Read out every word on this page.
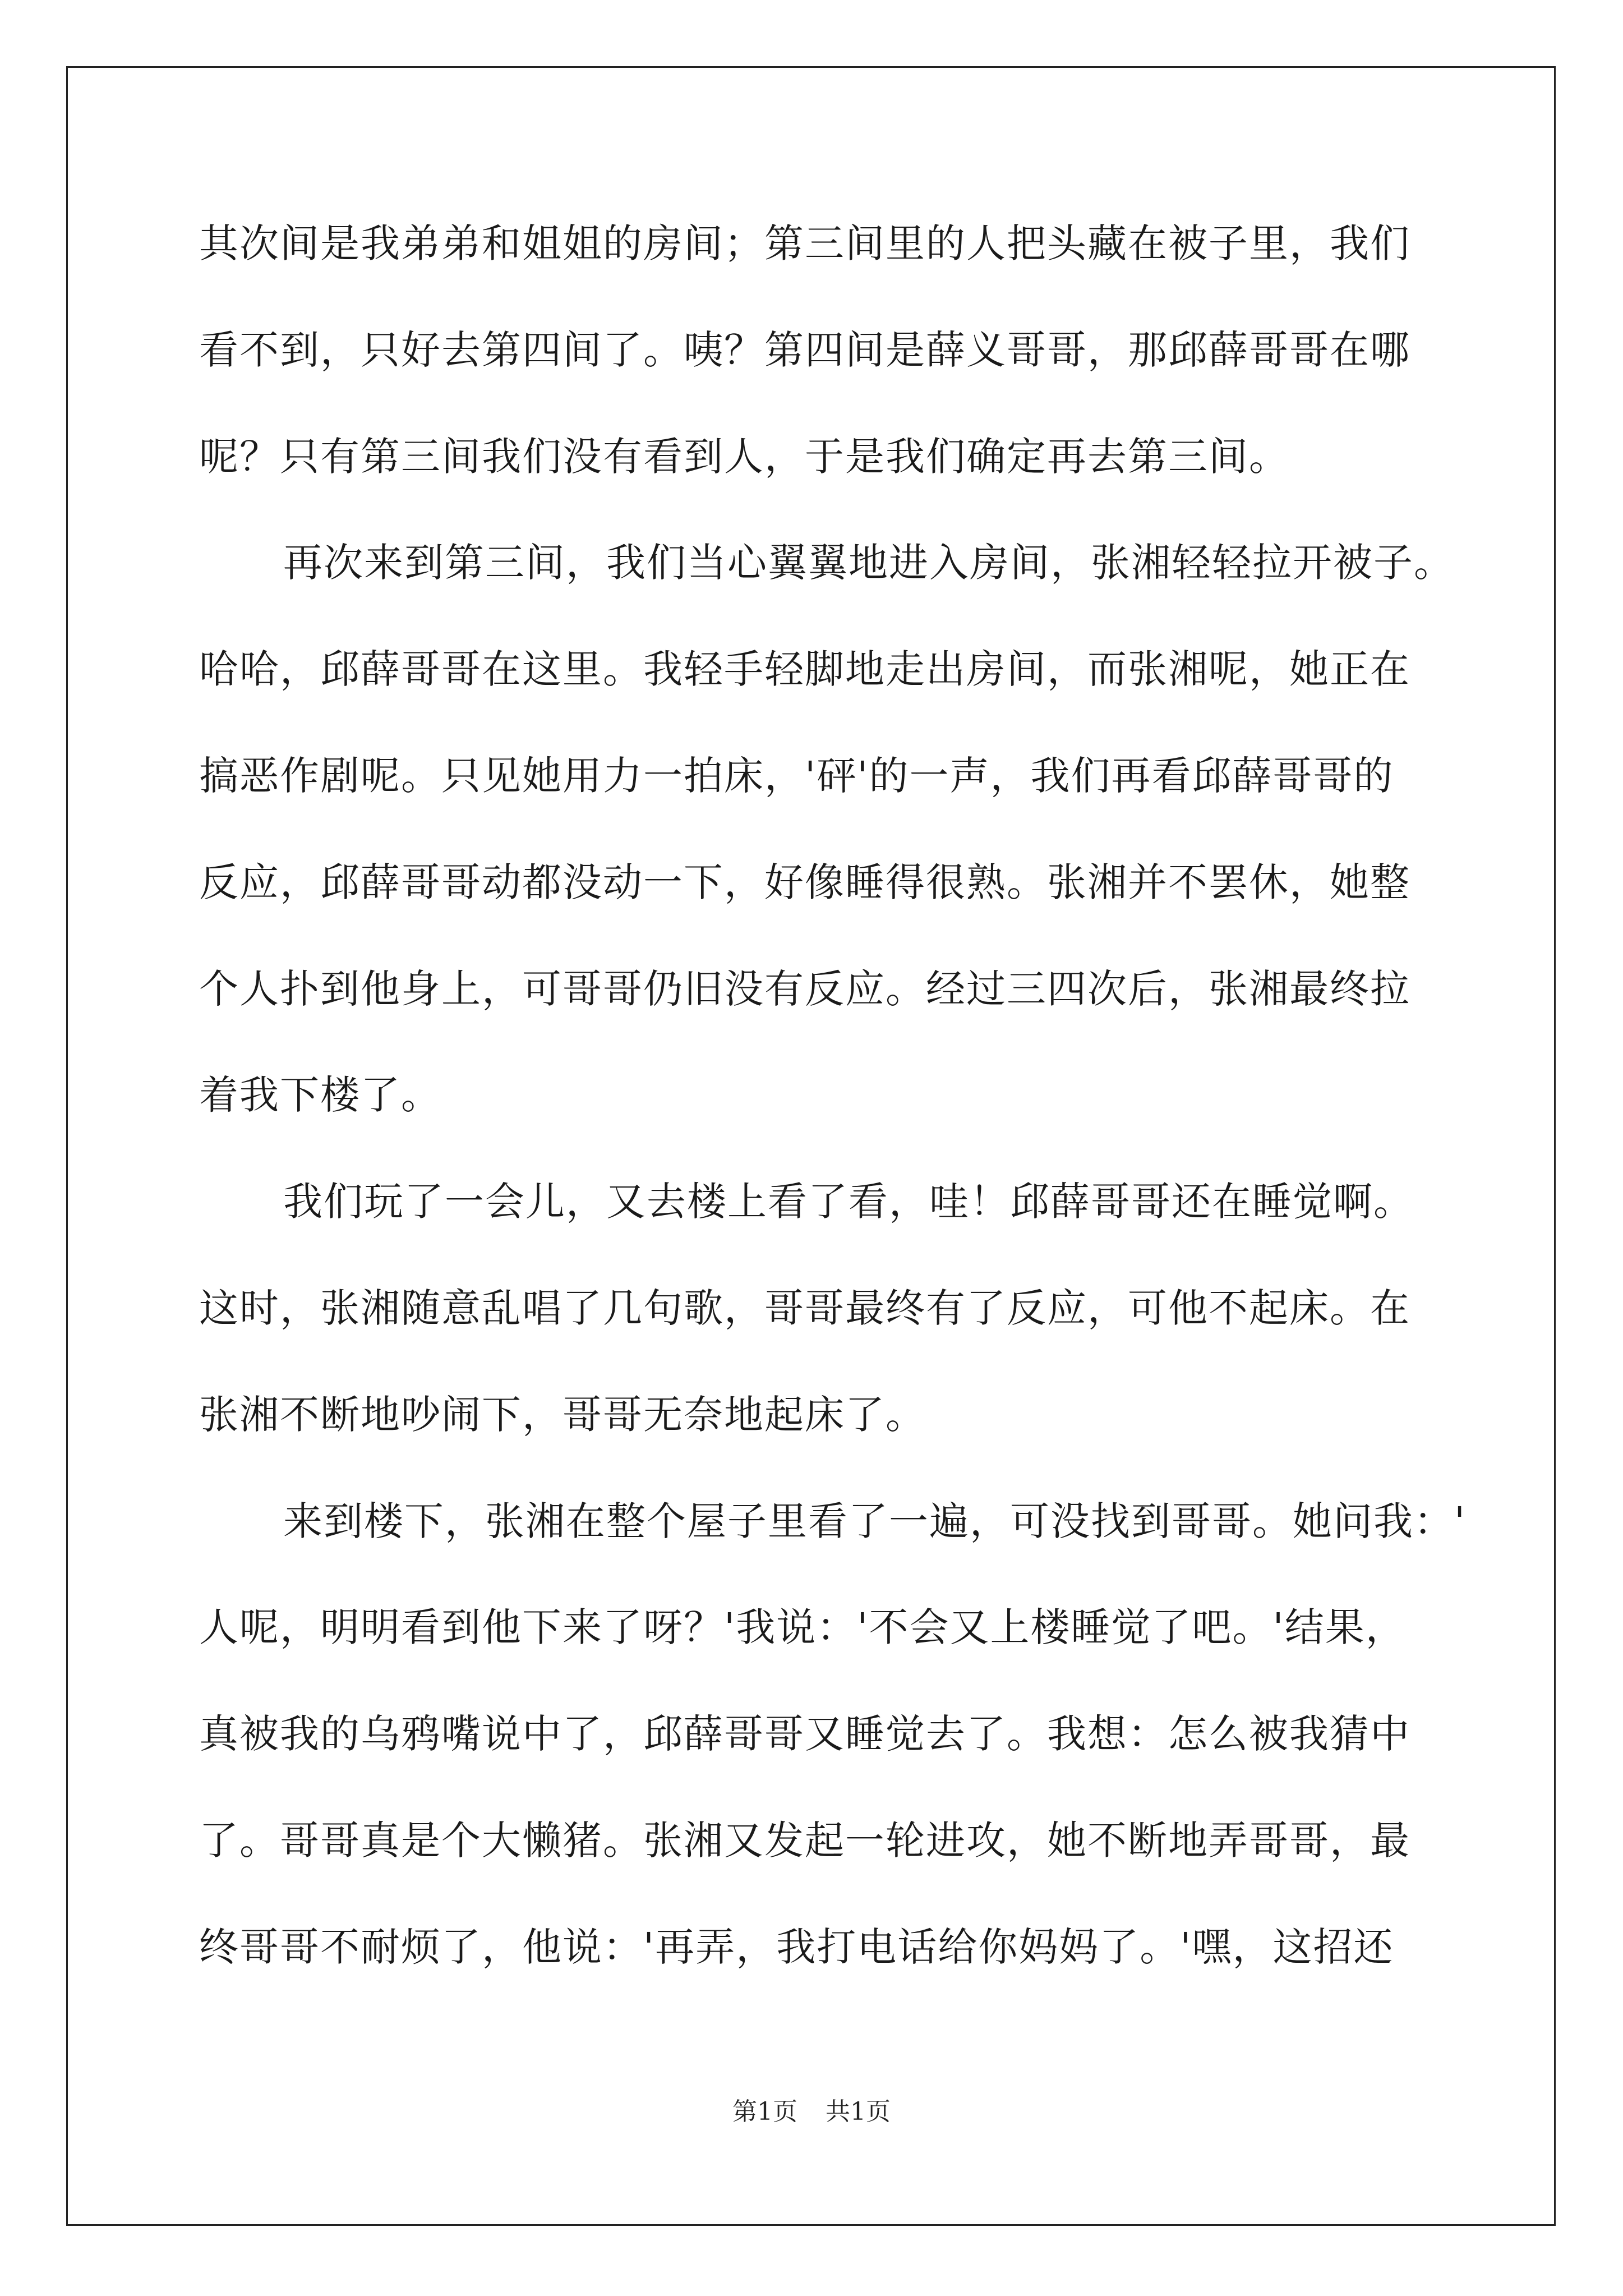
其次间是我弟弟和姐姐的房间；第三间里的人把头藏在被子里，我们
看不到，只好去第四间了。咦？第四间是薛义哥哥，那邱薛哥哥在哪
呢？只有第三间我们没有看到人，于是我们确定再去第三间。
再次来到第三间，我们当心翼翼地进入房间，张湘轻轻拉开被子。
哈哈，邱薛哥哥在这里。我轻手轻脚地走出房间，而张湘呢，她正在
搞恶作剧呢。只见她用力一拍床，'砰'的一声，我们再看邱薛哥哥的
反应，邱薛哥哥动都没动一下，好像睡得很熟。张湘并不罢休，她整
个人扑到他身上，可哥哥仍旧没有反应。经过三四次后，张湘最终拉
着我下楼了。
我们玩了一会儿，又去楼上看了看，哇！邱薛哥哥还在睡觉啊。
这时，张湘随意乱唱了几句歌，哥哥最终有了反应，可他不起床。在
张湘不断地吵闹下，哥哥无奈地起床了。
来到楼下，张湘在整个屋子里看了一遍，可没找到哥哥。她问我：'
人呢，明明看到他下来了呀？'我说：'不会又上楼睡觉了吧。'结果，
真被我的乌鸦嘴说中了，邱薛哥哥又睡觉去了。我想：怎么被我猜中
了。哥哥真是个大懒猪。张湘又发起一轮进攻，她不断地弄哥哥，最
终哥哥不耐烦了，他说：'再弄，我打电话给你妈妈了。'嘿，这招还
第1页 共1页
